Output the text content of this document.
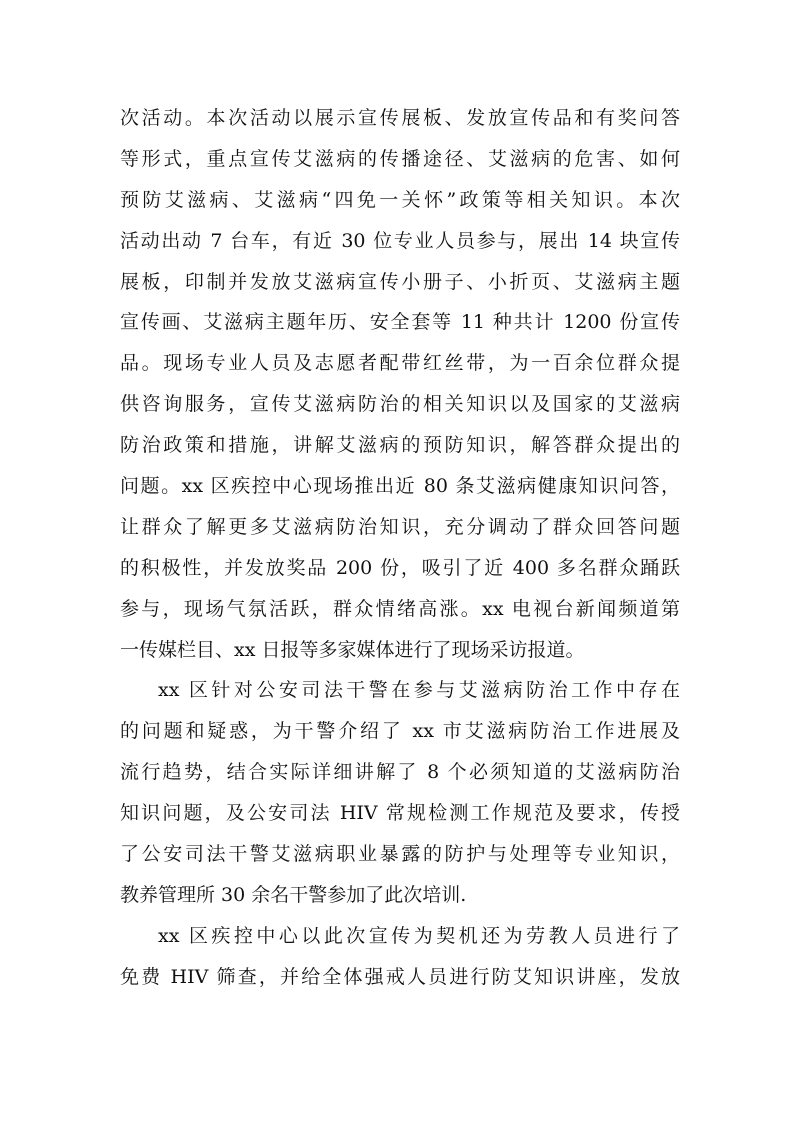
次活动。本次活动以展示宣传展板、发放宣传品和有奖问答
等形式，重点宣传艾滋病的传播途径、艾滋病的危害、如何
预防艾滋病、艾滋病“四免一关怀”政策等相关知识。本次
活动出动 7 台车，有近 30 位专业人员参与，展出 14 块宣传
展板，印制并发放艾滋病宣传小册子、小折页、艾滋病主题
宣传画、艾滋病主题年历、安全套等 11 种共计 1200 份宣传
品。现场专业人员及志愿者配带红丝带，为一百余位群众提
供咨询服务，宣传艾滋病防治的相关知识以及国家的艾滋病
防治政策和措施，讲解艾滋病的预防知识，解答群众提出的
问题。xx 区疾控中心现场推出近 80 条艾滋病健康知识问答，
让群众了解更多艾滋病防治知识，充分调动了群众回答问题
的积极性，并发放奖品 200 份，吸引了近 400 多名群众踊跃
参与，现场气氛活跃，群众情绪高涨。xx 电视台新闻频道第
一传媒栏目、xx 日报等多家媒体进行了现场采访报道。
xx 区针对公安司法干警在参与艾滋病防治工作中存在
的问题和疑惑，为干警介绍了 xx 市艾滋病防治工作进展及
流行趋势，结合实际详细讲解了 8 个必须知道的艾滋病防治
知识问题，及公安司法 HIV 常规检测工作规范及要求，传授
了公安司法干警艾滋病职业暴露的防护与处理等专业知识，
教养管理所 30 余名干警参加了此次培训.
xx 区疾控中心以此次宣传为契机还为劳教人员进行了
免费 HIV 筛查，并给全体强戒人员进行防艾知识讲座，发放
